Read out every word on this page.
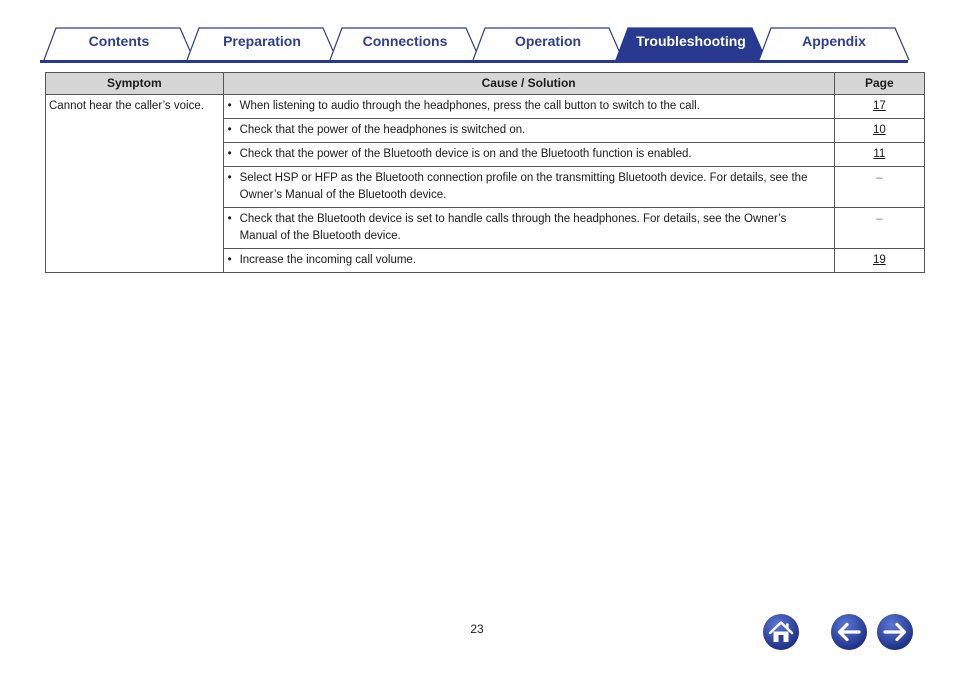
Contents	Preparation	Connections	Operation	Troubleshooting	Appendix
Symptom	Cause / Solution	Page
Cannot hear the caller’s voice.	• When listening to audio through the headphones, press the call button to switch to the call.	17

	• Check that the power of the headphones is switched on.	10

	• Check that the power of the Bluetooth device is on and the Bluetooth function is enabled.	11

	• Select HSP or HFP as the Bluetooth connection profile on the transmitting Bluetooth device. For details, see the Owner’s Manual of the Bluetooth device.	–

	• Check that the Bluetooth device is set to handle calls through the headphones. For details, see the Owner’s Manual of the Bluetooth device.	–

	• Increase the incoming call volume.	19
23
